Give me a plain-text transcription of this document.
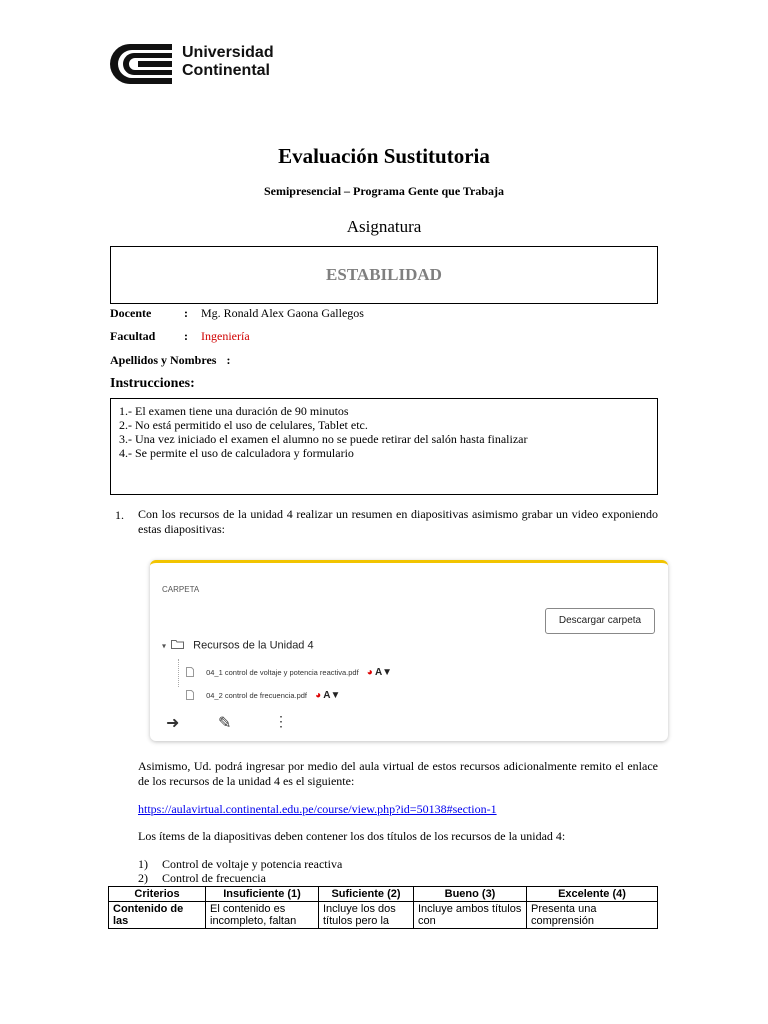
Universidad
Continental
Evaluación Sustitutoria
Semipresencial – Programa Gente que Trabaja
Asignatura
ESTABILIDAD
Docente	: Mg. Ronald Alex Gaona Gallegos
Facultad : Ingeniería
Apellidos y Nombres :
Instrucciones:
1.- El examen tiene una duración de 90 minutos
2.- No está permitido el uso de celulares, Tablet etc.
3.- Una vez iniciado el examen el alumno no se puede retirar del salón hasta finalizar
4.- Se permite el uso de calculadora y formulario
1. Con los recursos de la unidad 4 realizar un resumen en diapositivas asimismo grabar un video exponiendo estas diapositivas:
CARPETA
Descargar carpeta
▾ Recursos de la Unidad 4
04_1 control de voltaje y potencia reactiva.pdf ◕ A▼
04_2 control de frecuencia.pdf ◕ A▼
➜ ✎	⋮
Asimismo, Ud. podrá ingresar por medio del aula virtual de estos recursos adicionalmente remito el enlace de los recursos de la unidad 4 es el siguiente:
https://aulavirtual.continental.edu.pe/course/view.php?id=50138#section-1
Los ítems de la diapositivas deben contener los dos títulos de los recursos de la unidad 4:
1) Control de voltaje y potencia reactiva
2) Control de frecuencia
Criterios	Insuficiente (1)	Suficiente (2)	Bueno (3)	Excelente (4)
Contenido de las	El contenido es incompleto, faltan	Incluye los dos títulos pero la	Incluye ambos títulos con	Presenta una comprensión
